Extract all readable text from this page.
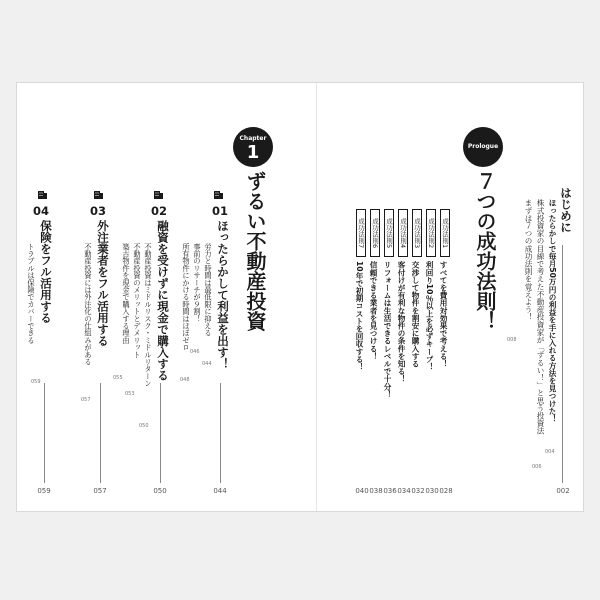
はじめに
ほったらかしで毎月50万円の利益を手に入れる方法を見つけた！
株式投資家の目線で考えた不動産投資家が「ずるい！」と思う投資法
まずは７つの成功法則を覚えよう！
002
004
006
008
Prologue
７つの成功法則！
成功法則1
すべてを費用対効果で考える！
028
成功法則2
利回り10％以上を必ずキープ！
030
成功法則3
交渉して物件を割安に購入する
032
成功法則4
客付けが有利な物件の条件を知る！
034
成功法則5
リフォームは生活できるレベルで十分！
036
成功法則6
信頼できる業者を見つける！
038
成功法則7
10年で初期コストを回収する！
040
Chapter
1
ずるい不動産投資
01
ほったらかして利益を出す！
労力と時間は最低限に抑える
事前のリサーチが９割！
所有物件にかける時間はほぼゼロ
044
046
048
044
02
融資を受けずに現金で購入する
不動産投資はミドルリスク・ミドルリターン
不動産投資のメリットとデメリット
築古物件を現金で購入する理由
050
053
055
050
03
外注業者をフル活用する
不動産投資には外注化の仕組みがある
057
057
04
保険をフル活用する
トラブルは保険でカバーできる
059
059
